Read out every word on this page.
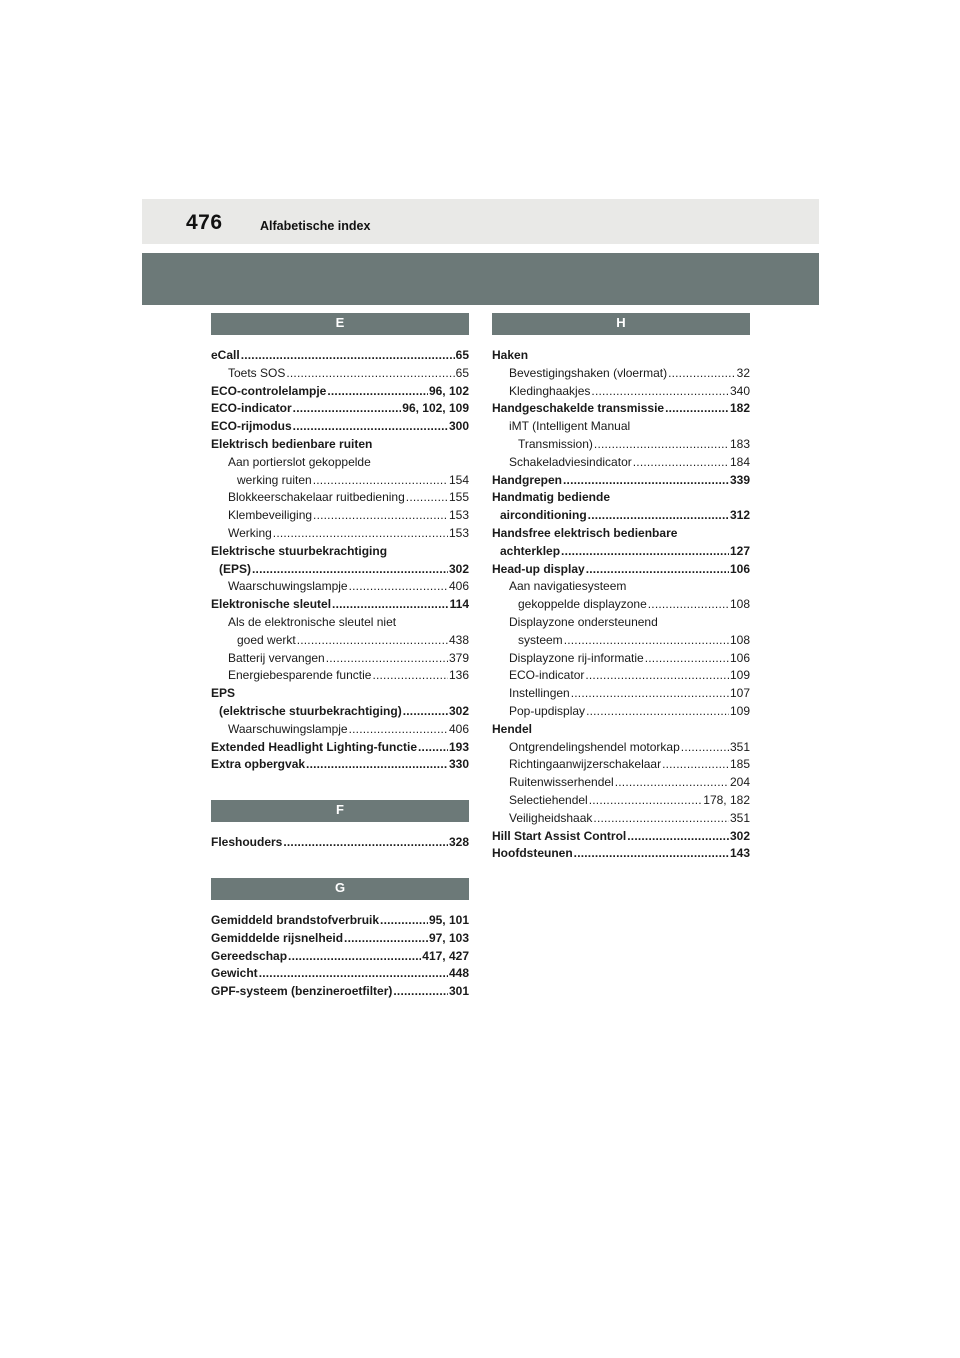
476	Alfabetische index
E
eCall .....	65
Toets SOS .....	65
ECO-controlelampje .....	96, 102
ECO-indicator .....	96, 102, 109
ECO-rijmodus .....	300
Elektrisch bedienbare ruiten
Aan portierslot gekoppelde
werking ruiten .....	154
Blokkeerschakelaar ruitbediening .....	155
Klembeveiliging .....	153
Werking .....	153
Elektrische stuurbekrachtiging
(EPS) .....	302
Waarschuwingslampje .....	406
Elektronische sleutel .....	114
Als de elektronische sleutel niet
goed werkt .....	438
Batterij vervangen .....	379
Energiebesparende functie .....	136
EPS
(elektrische stuurbekrachtiging) .....	302
Waarschuwingslampje .....	406
Extended Headlight Lighting-functie .....	193
Extra opbergvak .....	330
F
Fleshouders .....	328
G
Gemiddeld brandstofverbruik .....	95, 101
Gemiddelde rijsnelheid .....	97, 103
Gereedschap .....	417, 427
Gewicht .....	448
GPF-systeem (benzineroetfilter) .....	301
H
Haken
Bevestigingshaken (vloermat) .....	32
Kledinghaakjes .....	340
Handgeschakelde transmissie .....	182
iMT (Intelligent Manual
Transmission) .....	183
Schakeladviesindicator .....	184
Handgrepen .....	339
Handmatig bediende
airconditioning .....	312
Handsfree elektrisch bedienbare
achterklep .....	127
Head-up display .....	106
Aan navigatiesysteem
gekoppelde displayzone .....	108
Displayzone ondersteunend
systeem .....	108
Displayzone rij-informatie .....	106
ECO-indicator .....	109
Instellingen .....	107
Pop-updisplay .....	109
Hendel
Ontgrendelingshendel motorkap .....	351
Richtingaanwijzerschakelaar .....	185
Ruitenwisserhendel .....	204
Selectiehendel .....	178, 182
Veiligheidshaak .....	351
Hill Start Assist Control .....	302
Hoofdsteunen .....	143
